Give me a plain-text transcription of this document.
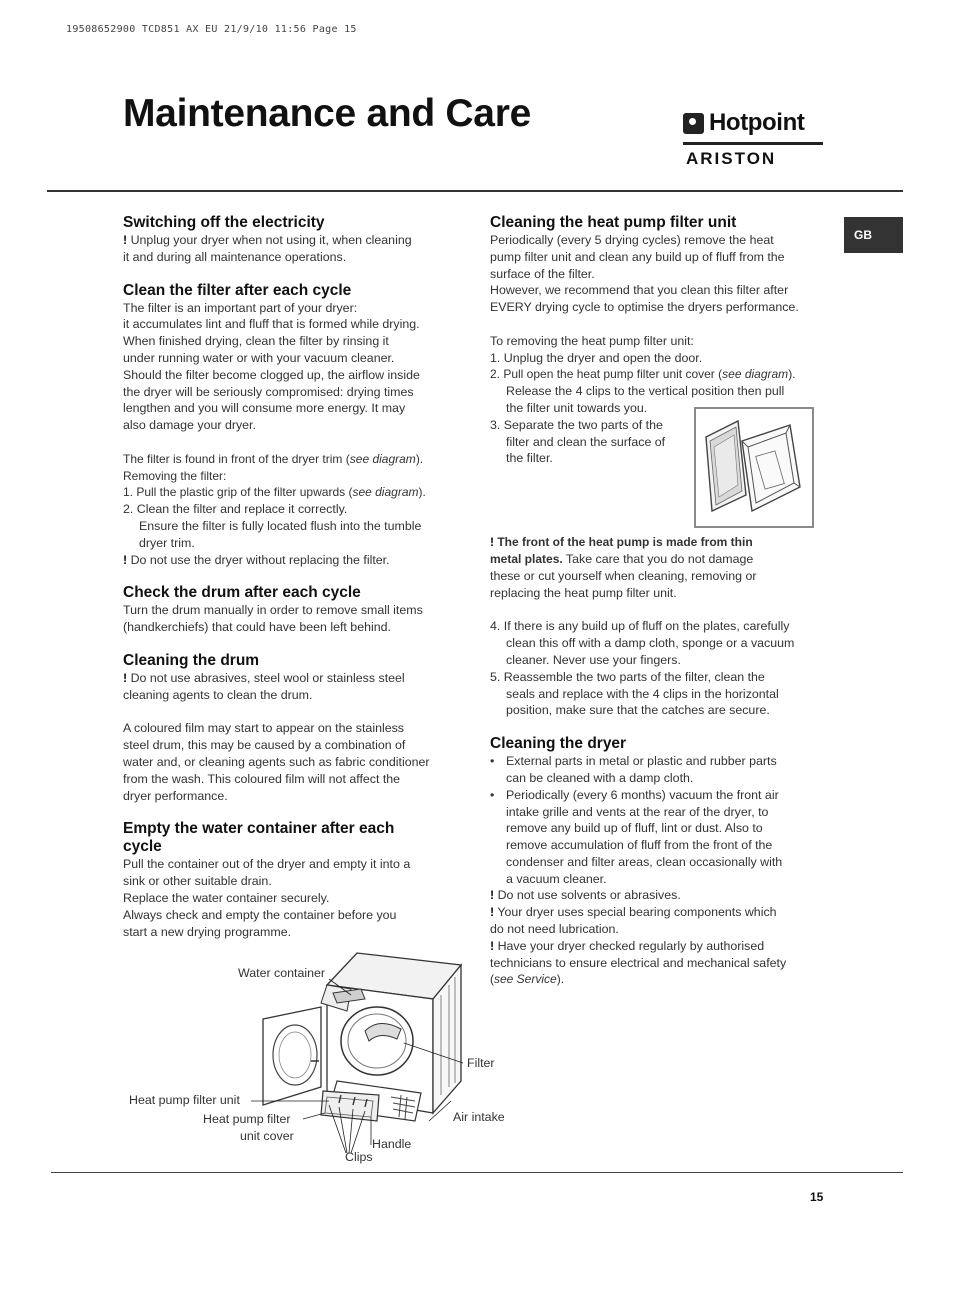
19508652900 TCD851 AX EU 21/9/10 11:56 Page 15
Maintenance and Care	Hotpoint
ARISTON
GB
Switching off the electricity

! Unplug your dryer when not using it, when cleaning

it and during all maintenance operations.

Clean the filter after each cycle

The filter is an important part of your dryer:

it accumulates lint and fluff that is formed while drying.

When finished drying, clean the filter by rinsing it

under running water or with your vacuum cleaner.

Should the filter become clogged up, the airflow inside

the dryer will be seriously compromised: drying times

lengthen and you will consume more energy. It may

also damage your dryer.

The filter is found in front of the dryer trim (see diagram).

Removing the filter:

1. Pull the plastic grip of the filter upwards (see diagram).

2. Clean the filter and replace it correctly.

Ensure the filter is fully located flush into the tumble

dryer trim.

! Do not use the dryer without replacing the filter.

Check the drum after each cycle

Turn the drum manually in order to remove small items

(handkerchiefs) that could have been left behind.

Cleaning the drum

! Do not use abrasives, steel wool or stainless steel

cleaning agents to clean the drum.

A coloured film may start to appear on the stainless

steel drum, this may be caused by a combination of

water and, or cleaning agents such as fabric conditioner

from the wash. This coloured film will not affect the

dryer performance.

Empty the water container after each
cycle

Pull the container out of the dryer and empty it into a

sink or other suitable drain.

Replace the water container securely.

Always check and empty the container before you

start a new drying programme.

Cleaning the heat pump filter unit

Periodically (every 5 drying cycles) remove the heat

pump filter unit and clean any build up of fluff from the

surface of the filter.

However, we recommend that you clean this filter after

EVERY drying cycle to optimise the dryers performance.

To removing the heat pump filter unit:

1. Unplug the dryer and open the door.

2. Pull open the heat pump filter unit cover (see diagram).

Release the 4 clips to the vertical position then pull

the filter unit towards you.

3. Separate the two parts of the

filter and clean the surface of

the filter.

! The front of the heat pump is made from thin

metal plates. Take care that you do not damage

these or cut yourself when cleaning, removing or

replacing the heat pump filter unit.

4. If there is any build up of fluff on the plates, carefully

clean this off with a damp cloth, sponge or a vacuum

cleaner. Never use your fingers.

5. Reassemble the two parts of the filter, clean the

seals and replace with the 4 clips in the horizontal

position, make sure that the catches are secure.

Cleaning the dryer

• External parts in metal or plastic and rubber parts

can be cleaned with a damp cloth.

• Periodically (every 6 months) vacuum the front air

intake grille and vents at the rear of the dryer, to

remove any build up of fluff, lint or dust. Also to

remove accumulation of fluff from the front of the

condenser and filter areas, clean occasionally with

a vacuum cleaner.

! Do not use solvents or abrasives.

! Your dryer uses special bearing components which

do not need lubrication.

! Have your dryer checked regularly by authorised

technicians to ensure electrical and mechanical safety

(see Service).

Water container
Filter
Heat pump filter unit
Air intake
Heat pump filter
unit cover
Handle
Clips
15
